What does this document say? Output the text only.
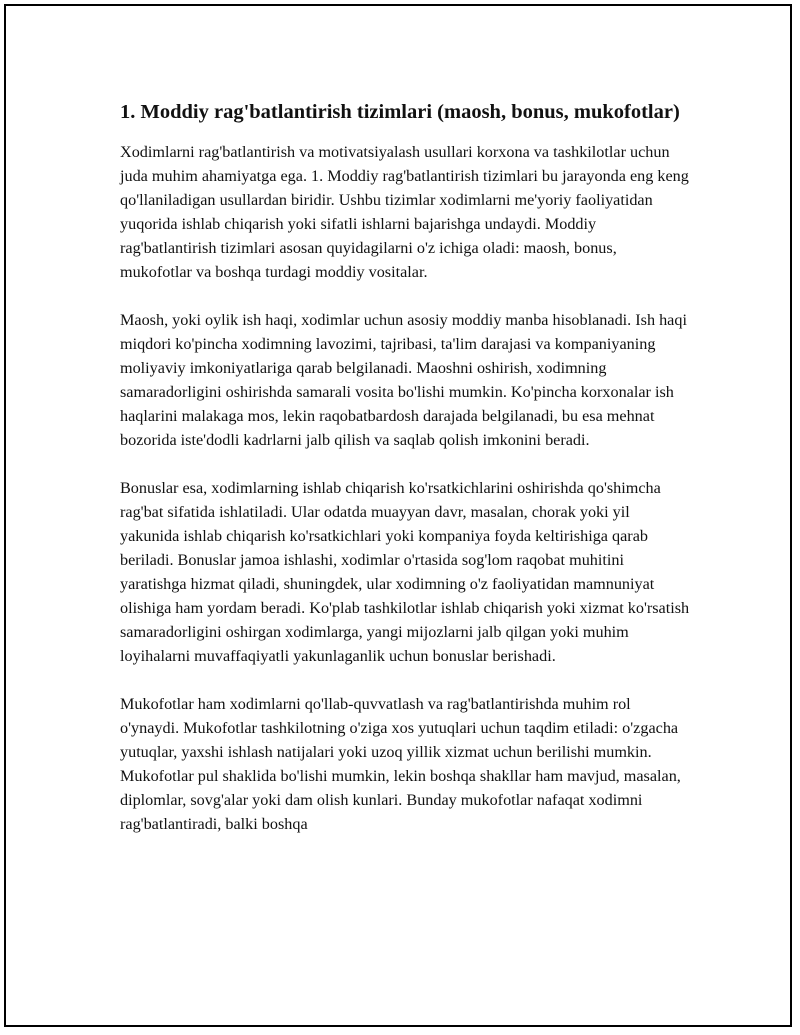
1. Moddiy rag'batlantirish tizimlari (maosh, bonus, mukofotlar)

Xodimlarni rag'batlantirish va motivatsiyalash usullari korxona va tashkilotlar uchun juda muhim ahamiyatga ega. 1. Moddiy rag'batlantirish tizimlari bu jarayonda eng keng qo'llaniladigan usullardan biridir. Ushbu tizimlar xodimlarni me'yoriy faoliyatidan yuqorida ishlab chiqarish yoki sifatli ishlarni bajarishga undaydi. Moddiy rag'batlantirish tizimlari asosan quyidagilarni o'z ichiga oladi: maosh, bonus, mukofotlar va boshqa turdagi moddiy vositalar.

Maosh, yoki oylik ish haqi, xodimlar uchun asosiy moddiy manba hisoblanadi. Ish haqi miqdori ko'pincha xodimning lavozimi, tajribasi, ta'lim darajasi va kompaniyaning moliyaviy imkoniyatlariga qarab belgilanadi. Maoshni oshirish, xodimning samaradorligini oshirishda samarali vosita bo'lishi mumkin. Ko'pincha korxonalar ish haqlarini malakaga mos, lekin raqobatbardosh darajada belgilanadi, bu esa mehnat bozorida iste'dodli kadrlarni jalb qilish va saqlab qolish imkonini beradi.

Bonuslar esa, xodimlarning ishlab chiqarish ko'rsatkichlarini oshirishda qo'shimcha rag'bat sifatida ishlatiladi. Ular odatda muayyan davr, masalan, chorak yoki yil yakunida ishlab chiqarish ko'rsatkichlari yoki kompaniya foyda keltirishiga qarab beriladi. Bonuslar jamoa ishlashi, xodimlar o'rtasida sog'lom raqobat muhitini yaratishga hizmat qiladi, shuningdek, ular xodimning o'z faoliyatidan mamnuniyat olishiga ham yordam beradi. Ko'plab tashkilotlar ishlab chiqarish yoki xizmat ko'rsatish samaradorligini oshirgan xodimlarga, yangi mijozlarni jalb qilgan yoki muhim loyihalarni muvaffaqiyatli yakunlaganlik uchun bonuslar berishadi.

Mukofotlar ham xodimlarni qo'llab-quvvatlash va rag'batlantirishda muhim rol o'ynaydi. Mukofotlar tashkilotning o'ziga xos yutuqlari uchun taqdim etiladi: o'zgacha yutuqlar, yaxshi ishlash natijalari yoki uzoq yillik xizmat uchun berilishi mumkin. Mukofotlar pul shaklida bo'lishi mumkin, lekin boshqa shakllar ham mavjud, masalan, diplomlar, sovg'alar yoki dam olish kunlari. Bunday mukofotlar nafaqat xodimni rag'batlantiradi, balki boshqa
